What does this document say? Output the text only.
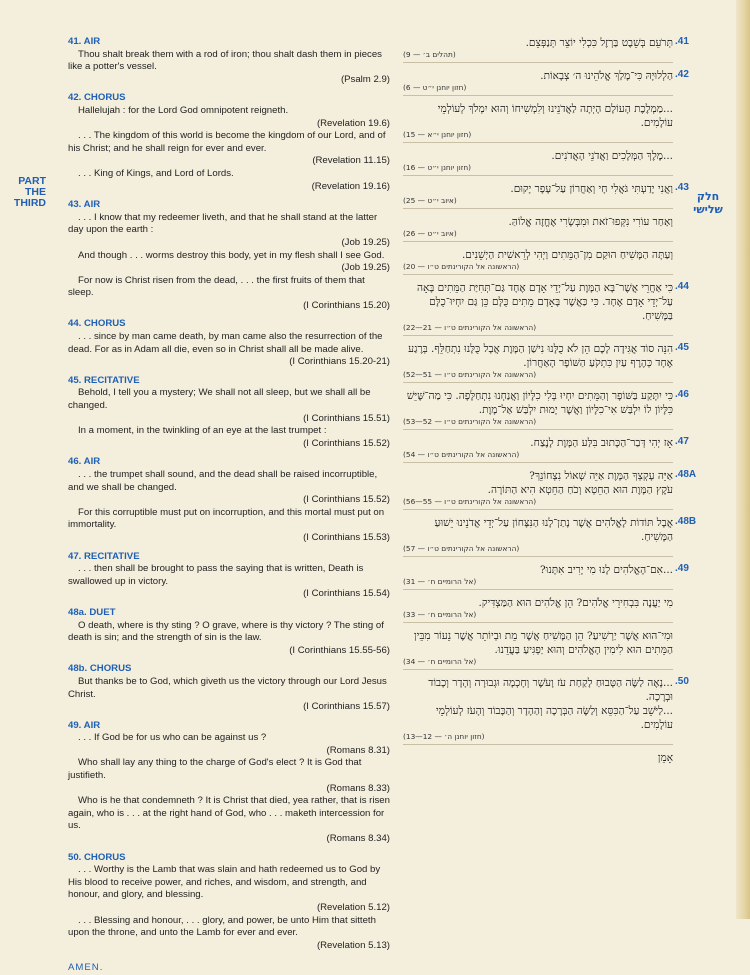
PART THE THIRD	חלק שלישי
41. AIR
Thou shalt break them with a rod of iron; thou shalt dash them in pieces like a potter's vessel.
(Psalm 2.9)
42. CHORUS
Hallelujah : for the Lord God omnipotent reigneth.
(Revelation 19.6)
. . . The kingdom of this world is become the kingdom of our Lord, and of his Christ; and he shall reign for ever and ever.
(Revelation 11.15)
. . . King of Kings, and Lord of Lords.
(Revelation 19.16)
43. AIR
. . . I know that my redeemer liveth, and that he shall stand at the latter day upon the earth :
(Job 19.25)
And though . . . worms destroy this body, yet in my flesh shall I see God.
(Job 19.25)
For now is Christ risen from the dead, . . . the first fruits of them that sleep.
(I Corinthians 15.20)
44. CHORUS
. . . since by man came death, by man came also the resurrection of the dead. For as in Adam all die, even so in Christ shall all be made alive.
(I Corinthians 15.20-21)
45. RECITATIVE
Behold, I tell you a mystery; We shall not all sleep, but we shall all be changed.
(I Corinthians 15.51)
In a moment, in the twinkling of an eye at the last trumpet :
(I Corinthians 15.52)
46. AIR
. . . the trumpet shall sound, and the dead shall be raised incorruptible, and we shall be changed.
(I Corinthians 15.52)
For this corruptible must put on incorruption, and this mortal must put on immortality.
(I Corinthians 15.53)
47. RECITATIVE
. . . then shall be brought to pass the saying that is written, Death is swallowed up in victory.
(I Corinthians 15.54)
48a. DUET
O death, where is thy sting ? O grave, where is thy victory ? The sting of death is sin; and the strength of sin is the law.
(I Corinthians 15.55-56)
48b. CHORUS
But thanks be to God, which giveth us the victory through our Lord Jesus Christ.
(I Corinthians 15.57)
49. AIR
. . . If God be for us who can be against us ?
(Romans 8.31)
Who shall lay any thing to the charge of God's elect ? It is God that justifieth.
(Romans 8.33)
Who is he that condemneth ? It is Christ that died, yea rather, that is risen again, who is . . . at the right hand of God, who . . . maketh intercession for us.
(Romans 8.34)
50. CHORUS
. . . Worthy is the Lamb that was slain and hath redeemed us to God by His blood to receive power, and riches, and wisdom, and strength, and honour, and glory, and blessing.
(Revelation 5.12)
. . . Blessing and honour, . . . glory, and power, be unto Him that sitteth upon the throne, and unto the Lamb for ever and ever.
(Revelation 5.13)
AMEN.
.41
תְּרֹעֵם בְּשֵׁבֶט בַּרְזֶל כִּכְלִי יוֹצֵר תְּנַפְּצֵם.
(תהלים ב׳ — 9)
.42
הַלְלוּיָהּ כִּי־מָלַךְ אֱלֹהֵינוּ ה׳ צְבָאוֹת.
(חזון יוחנן י״ט — 6)
...מַמְלֶכֶת הָעוֹלָם הָיְתָה לַאֲדֹנֵינוּ וְלִמְשִׁיחוֹ וְהוּא יִמְלֹךְ לְעוֹלְמֵי עוֹלָמִים.
(חזון יוחנן י״א — 15)
...מֶלֶךְ הַמְּלָכִים וַאֲדֹנֵי הָאֲדֹנִים.
(חזון יוחנן י״ט — 16)
.43
וַאֲנִי יָדַעְתִּי גֹּאֲלִי חָי וְאַחֲרוֹן עַל־עָפָר יָקוּם.
(איוב י״ט — 25)
וְאַחַר עוֹרִי נִקְּפוּ־זֹאת וּמִבְּשָׂרִי אֶחֱזֶה אֱלוֹהַּ.
(איוב י״ט — 26)
וְעַתָּה הַמָּשִׁיחַ הוּקַם מִן־הַמֵּתִים וַיְהִי לְרֵאשִׁית הַיְשֵׁנִים.
(הראשונה אל הקורינתים ט״ו — 20)
.44
כִּי אַחֲרֵי אֲשֶׁר־בָּא הַמָּוֶת עַל־יְדֵי אָדָם אֶחָד גַּם־תְּחִיַּת הַמֵּתִים בָּאָה עַל־יְדֵי אָדָם אֶחָד. כִּי כַּאֲשֶׁר בָּאָדָם מֵתִים כֻּלָּם כֵּן גַּם יִחְיוּ־כֻלָּם בַּמָּשִׁיחַ.
(הראשונה אל הקורינתים ט״ו — 21—22)
.45
הִנֵּה סוֹד אֲגִּידָה לָכֶם הֵן לֹא כֻלָּנוּ נִישַׁן הַמָּוֶת אֲבָל כֻּלָּנוּ נִתְחַלֵּף. בְּרֶגַע אֶחָד כְּהֶרֶף עַיִן כִּתְקֹעַ הַשּׁוֹפָר הָאַחֲרוֹן.
(הראשונה אל הקורינתים ט״ו — 51—52)
.46
כִּי יִתָּקַע בַּשּׁוֹפָר וְהַמֵּתִים יִחְיוּ בְּלִי כִלָּיוֹן וַאֲנַחְנוּ נִתְחַלָּפָה. כִּי מַה־שֶּׁיֵּשׁ כִּלָּיוֹן לוֹ יִלְבַּשׁ אִי־כִלָּיוֹן וַאֲשֶׁר יָמוּת יִלְבַּשׁ אַל־מָוֶת.
(הראשונה אל הקורינתים ט״ו — 52—53)
.47
אָז יְהִי דְּבַר־הַכָּתוּב בִּלַּע הַמָּוֶת לָנֶצַח.
(הראשונה אל הקורינתים ט״ו — 54)
.48A
אַיֵּה עָקְצְךָ הַמָּוֶת אַיֵּה שְׁאוֹל נִצְחוֹנֵךְ?
עֹקֶץ הַמָּוֶת הוּא הַחֵטְא וְכֹחַ הַחֵטְא הִיא הַתּוֹרָה.
(הראשונה אל הקורינתים ט״ו — 55—56)
.48B
אֲבָל תּוֹדוֹת לָאֱלֹהִים אֲשֶׁר נָתַן־לָנוּ הַנִּצָּחוֹן עַל־יְדֵי אֲדֹנֵינוּ יֵשׁוּעַ הַמָּשִׁיחַ.
(הראשונה אל הקורינתים ט״ו — 57)
.49
...אִם־הָאֱלֹהִים לָנוּ מִי יָרִיב אִתָּנוּ?
(אל הרומיים ח׳ — 31)
מִי יַעֲנֶה בִּבְחִירֵי אֱלֹהִים? הֵן אֱלֹהִים הוּא הַמַּצְדִּיק.
(אל הרומיים ח׳ — 33)
וּמִי־הוּא אֲשֶׁר יַרְשִׁיעַ? הֵן הַמָּשִׁיחַ אֲשֶׁר מֵת וּבְיוֹתֵר אֲשֶׁר נֵעוֹר מִבֵּין הַמֵּתִים הוּא לִימִין הָאֱלֹהִים וְהוּא יַפְגִּיעַ בַּעֲדֵנוּ.
(אל הרומיים ח׳ — 34)
.50
...נָאֶה לַשֶּׂה הַטָּבוּחַ לָקַחַת עֹז וָעֹשֶׁר וְחָכְמָה וּגְבוּרָה וְהָדָר וְכָבוֹד וּבְרָכָה.
...לַיֹּשֵׁב עַל־הַכִּסֵּא וְלַשֶּׂה הַבְּרָכָה וְהַהָדָר וְהַכָּבוֹד וְהָעֹז לְעוֹלְמֵי עוֹלָמִים.
(חזון יוחנן ה׳ — 12—13)
אָמֵן
